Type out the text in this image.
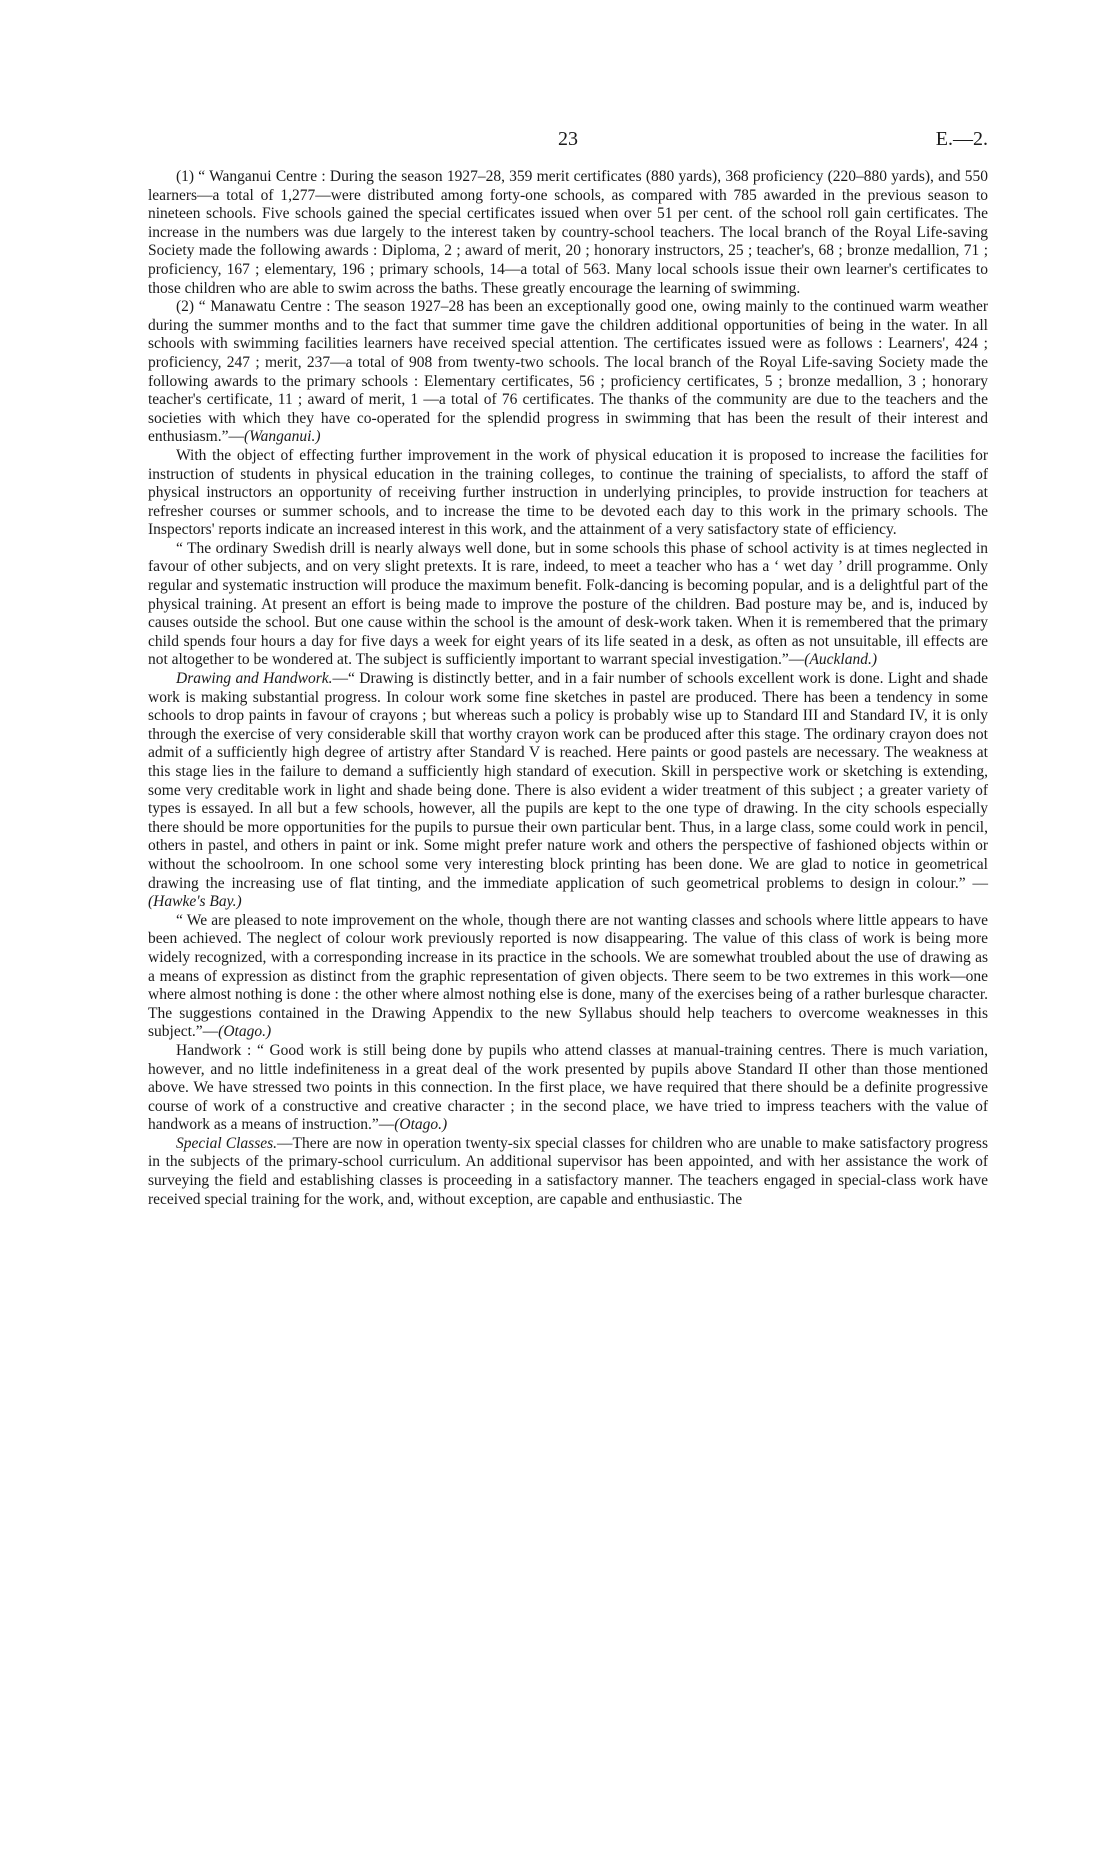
23	E.—2.

(1) “ Wanganui Centre : During the season 1927–28, 359 merit certificates (880 yards), 368 proficiency (220–880 yards), and 550 learners—a total of 1,277—were distributed among forty-one schools, as compared with 785 awarded in the previous season to nineteen schools. Five schools gained the special certificates issued when over 51 per cent. of the school roll gain certificates. The increase in the numbers was due largely to the interest taken by country-school teachers. The local branch of the Royal Life-saving Society made the following awards : Diploma, 2 ; award of merit, 20 ; honorary instructors, 25 ; teacher's, 68 ; bronze medallion, 71 ; proficiency, 167 ; elementary, 196 ; primary schools, 14—a total of 563. Many local schools issue their own learner's certificates to those children who are able to swim across the baths. These greatly encourage the learning of swimming.

(2) “ Manawatu Centre : The season 1927–28 has been an exceptionally good one, owing mainly to the continued warm weather during the summer months and to the fact that summer time gave the children additional opportunities of being in the water. In all schools with swimming facilities learners have received special attention. The certificates issued were as follows : Learners', 424 ; proficiency, 247 ; merit, 237—a total of 908 from twenty-two schools. The local branch of the Royal Life-saving Society made the following awards to the primary schools : Elementary certificates, 56 ; proficiency certificates, 5 ; bronze medallion, 3 ; honorary teacher's certificate, 11 ; award of merit, 1 —a total of 76 certificates. The thanks of the community are due to the teachers and the societies with which they have co-operated for the splendid progress in swimming that has been the result of their interest and enthusiasm.”—(Wanganui.)

With the object of effecting further improvement in the work of physical education it is proposed to increase the facilities for instruction of students in physical education in the training colleges, to continue the training of specialists, to afford the staff of physical instructors an opportunity of receiving further instruction in underlying principles, to provide instruction for teachers at refresher courses or summer schools, and to increase the time to be devoted each day to this work in the primary schools. The Inspectors' reports indicate an increased interest in this work, and the attainment of a very satisfactory state of efficiency.

“ The ordinary Swedish drill is nearly always well done, but in some schools this phase of school activity is at times neglected in favour of other subjects, and on very slight pretexts. It is rare, indeed, to meet a teacher who has a ‘ wet day ’ drill programme. Only regular and systematic instruction will produce the maximum benefit. Folk-dancing is becoming popular, and is a delightful part of the physical training. At present an effort is being made to improve the posture of the children. Bad posture may be, and is, induced by causes outside the school. But one cause within the school is the amount of desk-work taken. When it is remembered that the primary child spends four hours a day for five days a week for eight years of its life seated in a desk, as often as not unsuitable, ill effects are not altogether to be wondered at. The subject is sufficiently important to warrant special investigation.”—(Auckland.)

Drawing and Handwork.—“ Drawing is distinctly better, and in a fair number of schools excellent work is done. Light and shade work is making substantial progress. In colour work some fine sketches in pastel are produced. There has been a tendency in some schools to drop paints in favour of crayons ; but whereas such a policy is probably wise up to Standard III and Standard IV, it is only through the exercise of very considerable skill that worthy crayon work can be produced after this stage. The ordinary crayon does not admit of a sufficiently high degree of artistry after Standard V is reached. Here paints or good pastels are necessary. The weakness at this stage lies in the failure to demand a sufficiently high standard of execution. Skill in perspective work or sketching is extending, some very creditable work in light and shade being done. There is also evident a wider treatment of this subject ; a greater variety of types is essayed. In all but a few schools, however, all the pupils are kept to the one type of drawing. In the city schools especially there should be more opportunities for the pupils to pursue their own particular bent. Thus, in a large class, some could work in pencil, others in pastel, and others in paint or ink. Some might prefer nature work and others the perspective of fashioned objects within or without the schoolroom. In one school some very interesting block printing has been done. We are glad to notice in geometrical drawing the increasing use of flat tinting, and the immediate application of such geometrical problems to design in colour.” —(Hawke's Bay.)

“ We are pleased to note improvement on the whole, though there are not wanting classes and schools where little appears to have been achieved. The neglect of colour work previously reported is now disappearing. The value of this class of work is being more widely recognized, with a corresponding increase in its practice in the schools. We are somewhat troubled about the use of drawing as a means of expression as distinct from the graphic representation of given objects. There seem to be two extremes in this work—one where almost nothing is done : the other where almost nothing else is done, many of the exercises being of a rather burlesque character. The suggestions contained in the Drawing Appendix to the new Syllabus should help teachers to overcome weaknesses in this subject.”—(Otago.)

Handwork : “ Good work is still being done by pupils who attend classes at manual-training centres. There is much variation, however, and no little indefiniteness in a great deal of the work presented by pupils above Standard II other than those mentioned above. We have stressed two points in this connection. In the first place, we have required that there should be a definite progressive course of work of a constructive and creative character ; in the second place, we have tried to impress teachers with the value of handwork as a means of instruction.”—(Otago.)

Special Classes.—There are now in operation twenty-six special classes for children who are unable to make satisfactory progress in the subjects of the primary-school curriculum. An additional supervisor has been appointed, and with her assistance the work of surveying the field and establishing classes is proceeding in a satisfactory manner. The teachers engaged in special-class work have received special training for the work, and, without exception, are capable and enthusiastic. The
